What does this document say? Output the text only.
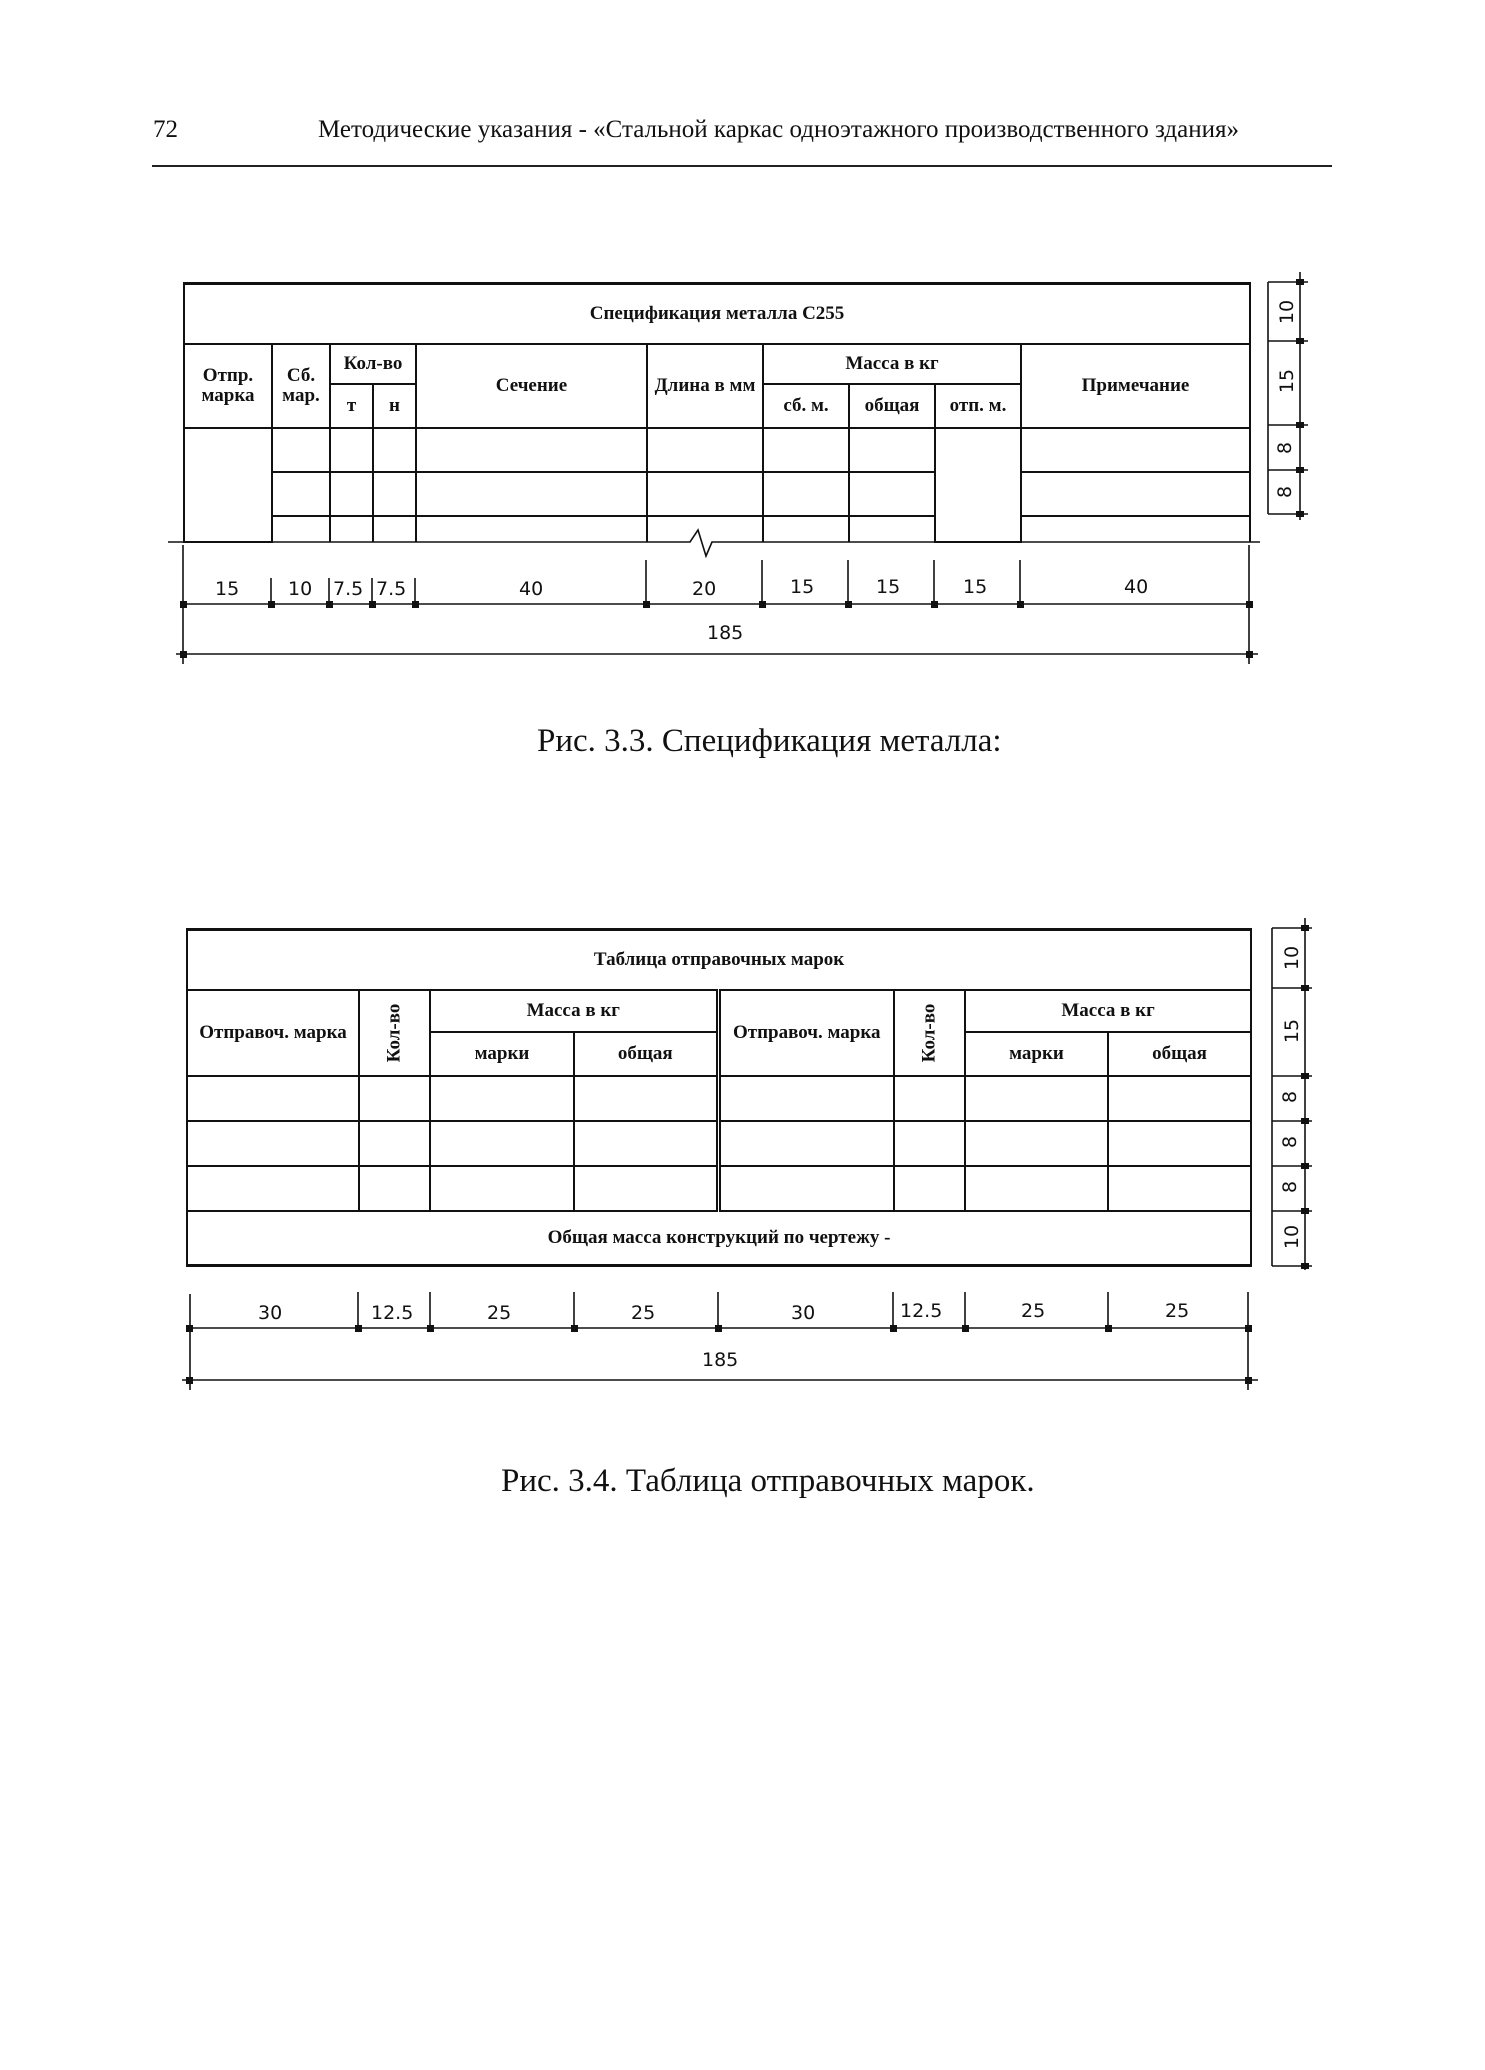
72	Методические указания - «Стальной каркас одноэтажного производственного здания»
Спецификация металла С255									
Отпр. марка	Сб. мар.	Кол-во		Сечение	Длина в мм	Масса в кг			Примечание
		т	н			сб. м.	общая	отп. м.	

10
15
8
8
15	10 7.5 7.5	40	20	15	15	15	40
185
Рис. 3.3. Спецификация металла:
Таблица отправочных марок							
Отправоч. марка	Кол-во	Масса в кг		Отправоч. марка	Кол-во	Масса в кг	
		марки	общая			марки	общая

Общая масса конструкций по чертежу -							
10
15
8
8
8
10
30	12.5	25	25	30	12.5	25	25
185
Рис. 3.4. Таблица отправочных марок.
